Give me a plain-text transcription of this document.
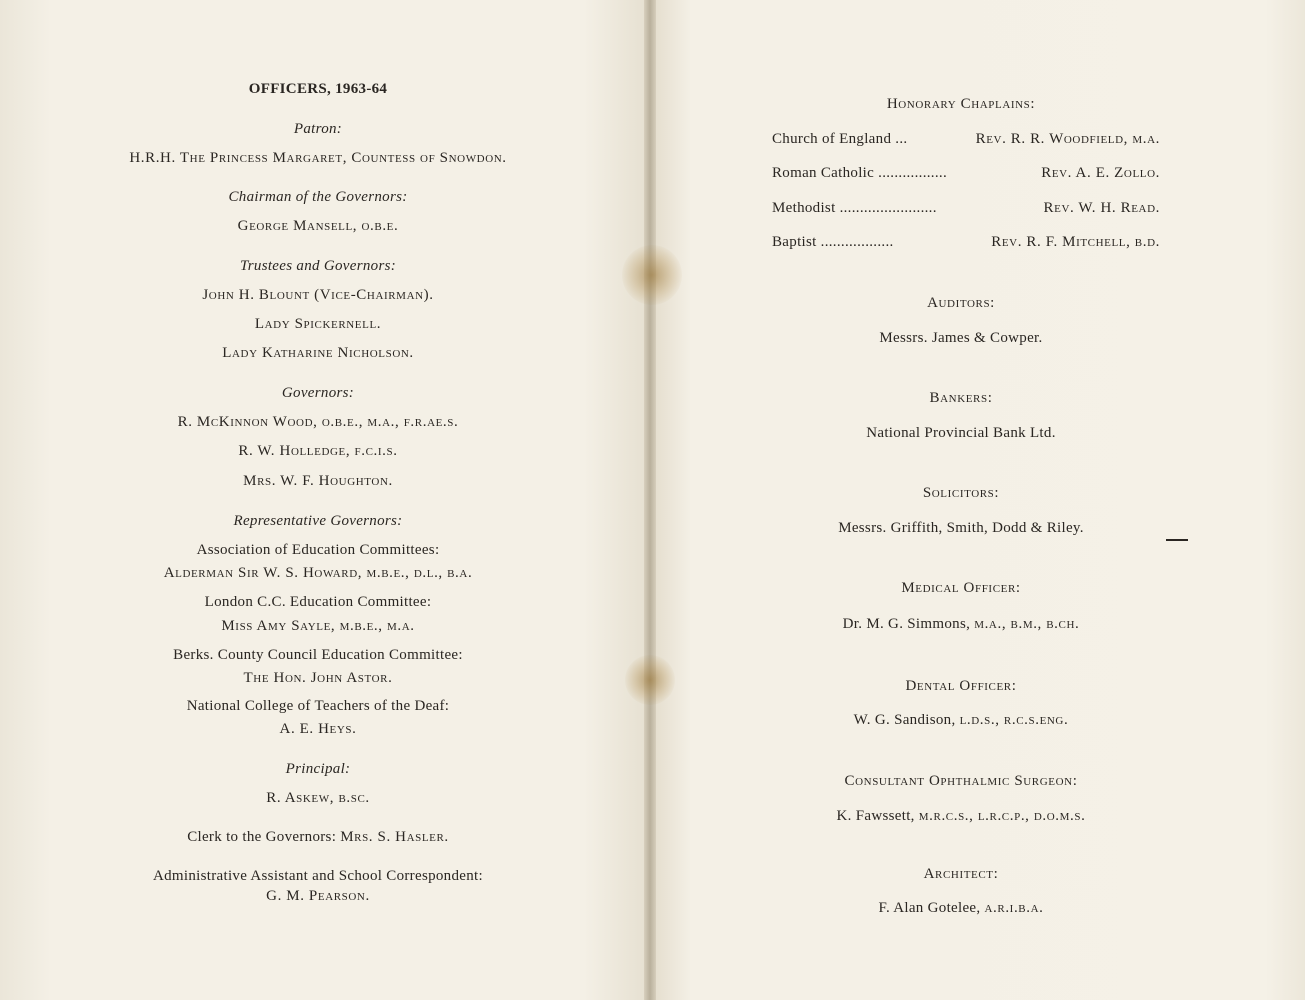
OFFICERS, 1963-64

Patron:

H.R.H. The Princess Margaret, Countess of Snowdon.

Chairman of the Governors:

George Mansell, o.b.e.

Trustees and Governors:

John H. Blount (Vice-Chairman).

Lady Spickernell.

Lady Katharine Nicholson.

Governors:

R. McKinnon Wood, o.b.e., m.a., f.r.ae.s.

R. W. Holledge, f.c.i.s.

Mrs. W. F. Houghton.

Representative Governors:

Association of Education Committees:

Alderman Sir W. S. Howard, m.b.e., d.l., b.a.

London C.C. Education Committee:

Miss Amy Sayle, m.b.e., m.a.

Berks. County Council Education Committee:

The Hon. John Astor.

National College of Teachers of the Deaf:

A. E. Heys.

Principal:

R. Askew, b.sc.

Clerk to the Governors: Mrs. S. Hasler.

Administrative Assistant and School Correspondent:

G. M. Pearson.

Honorary Chaplains:

Church of England ...	Rev. R. R. Woodfield, m.a.
Roman Catholic .................	Rev. A. E. Zollo.
Methodist ........................	Rev. W. H. Read.
Baptist ..................	Rev. R. F. Mitchell, b.d.

Auditors:

Messrs. James & Cowper.

Bankers:

National Provincial Bank Ltd.

Solicitors:

Messrs. Griffith, Smith, Dodd & Riley.

Medical Officer:

Dr. M. G. Simmons, m.a., b.m., b.ch.

Dental Officer:

W. G. Sandison, l.d.s., r.c.s.eng.

Consultant Ophthalmic Surgeon:

K. Fawssett, m.r.c.s., l.r.c.p., d.o.m.s.

Architect:

F. Alan Gotelee, a.r.i.b.a.
